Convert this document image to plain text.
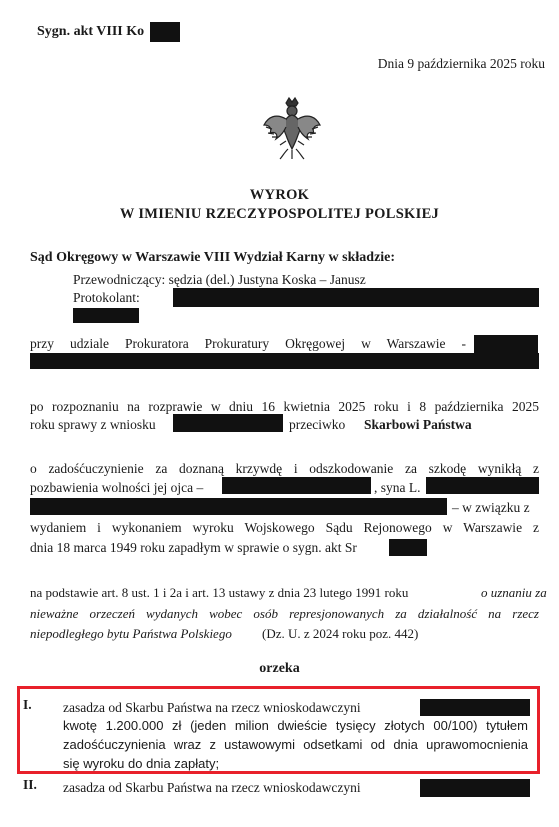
Sygn. akt VIII Ko
Dnia 9 października 2025 roku
WYROK
W IMIENIU RZECZYPOSPOLITEJ POLSKIEJ
Sąd Okręgowy w Warszawie VIII Wydział Karny w składzie:
Przewodniczący: sędzia (del.) Justyna Koska – Janusz
Protokolant:
przy udziale Prokuratora Prokuratury Okręgowej w Warszawie -
po rozpoznaniu na rozprawie w dniu 16 kwietnia 2025 roku i 8 października 2025
roku sprawy z wniosku	przeciwko Skarbowi Państwa
o zadośćuczynienie za doznaną krzywdę i odszkodowanie za szkodę wynikłą z
pozbawienia wolności jej ojca –	, syna L.
– w związku z
wydaniem i wykonaniem wyroku Wojskowego Sądu Rejonowego w Warszawie z
dnia 18 marca 1949 roku zapadłym w sprawie o sygn. akt Sr
na podstawie art. 8 ust. 1 i 2a i art. 13 ustawy z dnia 23 lutego 1991 roku	o uznaniu za
nieważne orzeczeń wydanych wobec osób represjonowanych za działalność na rzecz
niepodległego bytu Państwa Polskiego (Dz. U. z 2024 roku poz. 442)
orzeka
I. zasadza od Skarbu Państwa na rzecz wnioskodawczyni
kwotę 1.200.000 zł (jeden milion dwieście tysięcy złotych 00/100) tytułem
zadośćuczynienia wraz z ustawowymi odsetkami od dnia uprawomocnienia
się wyroku do dnia zapłaty;
II. zasadza od Skarbu Państwa na rzecz wnioskodawczyni
